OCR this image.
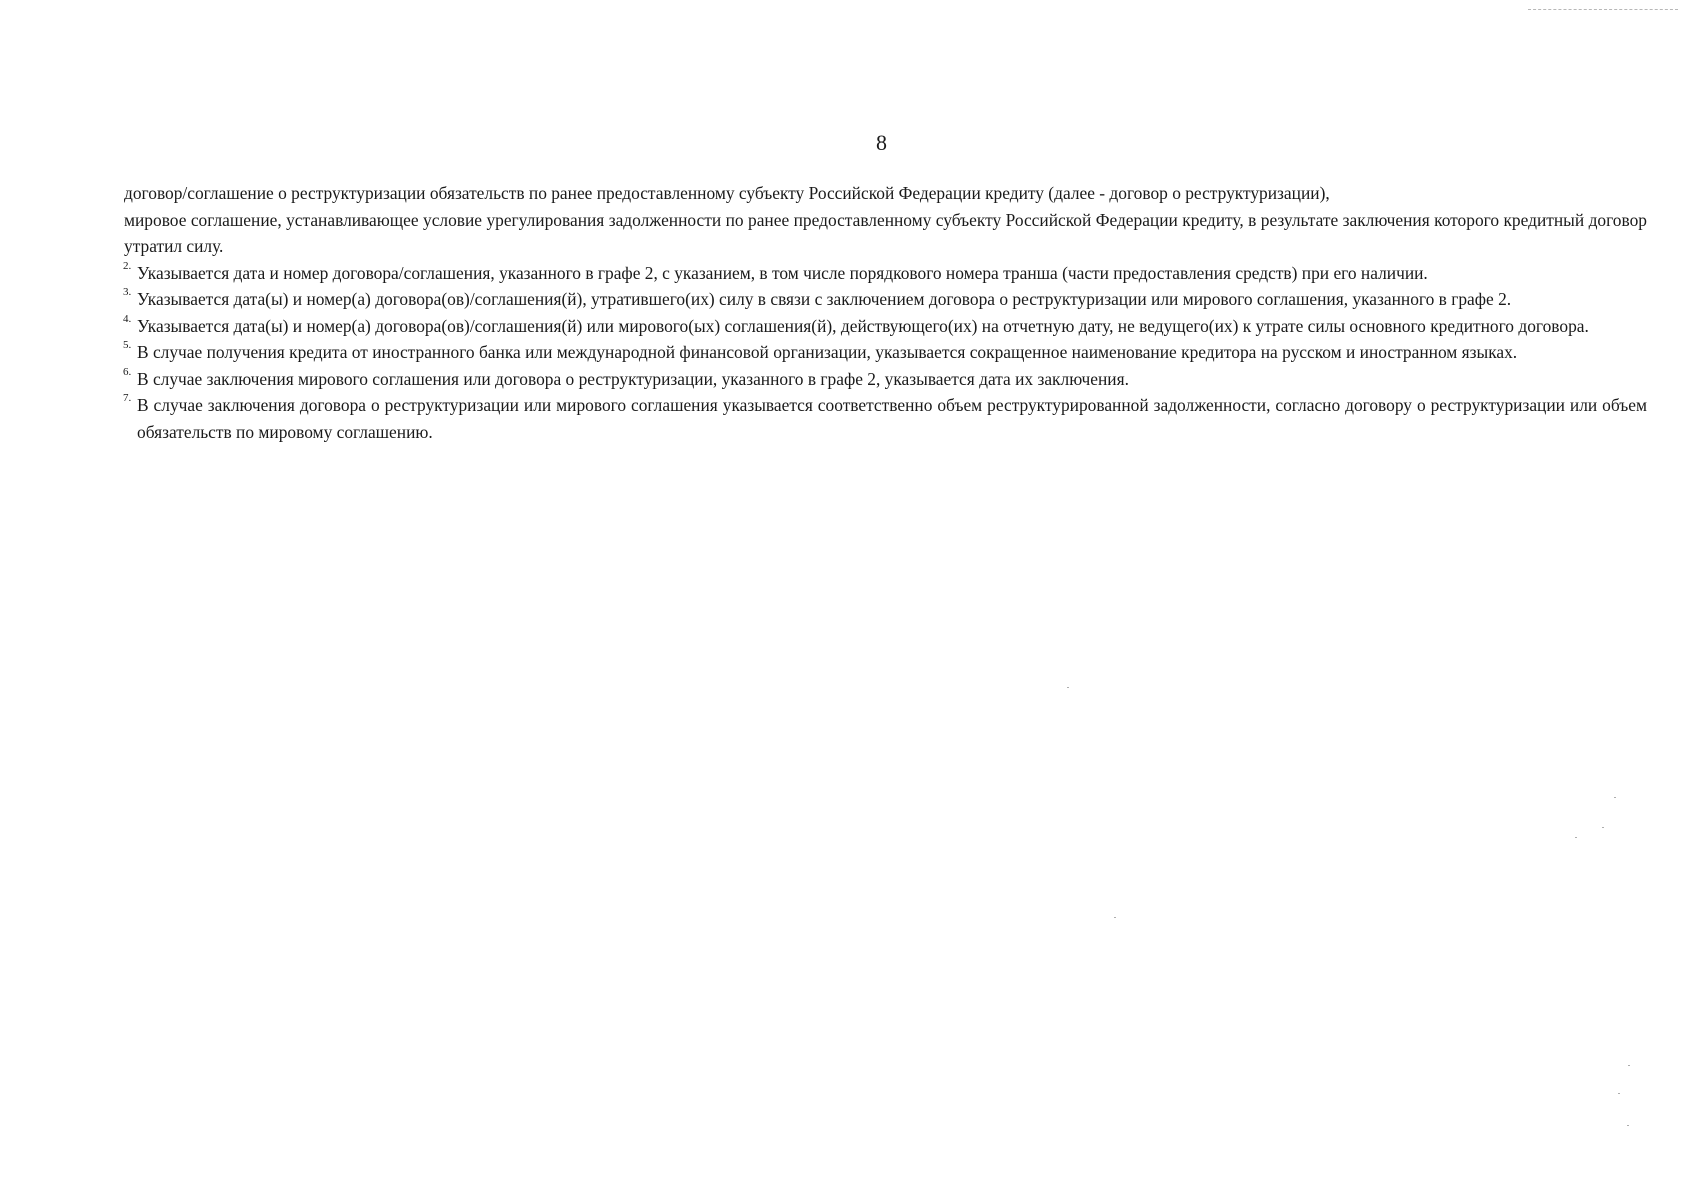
8

договор/соглашение о реструктуризации обязательств по ранее предоставленному субъекту Российской Федерации кредиту (далее - договор о реструктуризации),

мировое соглашение, устанавливающее условие урегулирования задолженности по ранее предоставленному субъекту Российской Федерации кредиту, в результате заключения которого кредитный договор утратил силу.

2. Указывается дата и номер договора/соглашения, указанного в графе 2, с указанием, в том числе порядкового номера транша (части предоставления средств) при его наличии.

3. Указывается дата(ы) и номер(а) договора(ов)/соглашения(й), утратившего(их) силу в связи с заключением договора о реструктуризации или мирового соглашения, указанного в графе 2.

4. Указывается дата(ы) и номер(а) договора(ов)/соглашения(й) или мирового(ых) соглашения(й), действующего(их) на отчетную дату, не ведущего(их) к утрате силы основного кредитного договора.

5. В случае получения кредита от иностранного банка или международной финансовой организации, указывается сокращенное наименование кредитора на русском и иностранном языках.

6. В случае заключения мирового соглашения или договора о реструктуризации, указанного в графе 2, указывается дата их заключения.

7. В случае заключения договора о реструктуризации или мирового соглашения указывается соответственно объем реструктурированной задолженности, согласно договору о реструктуризации или объем обязательств по мировому соглашению.
